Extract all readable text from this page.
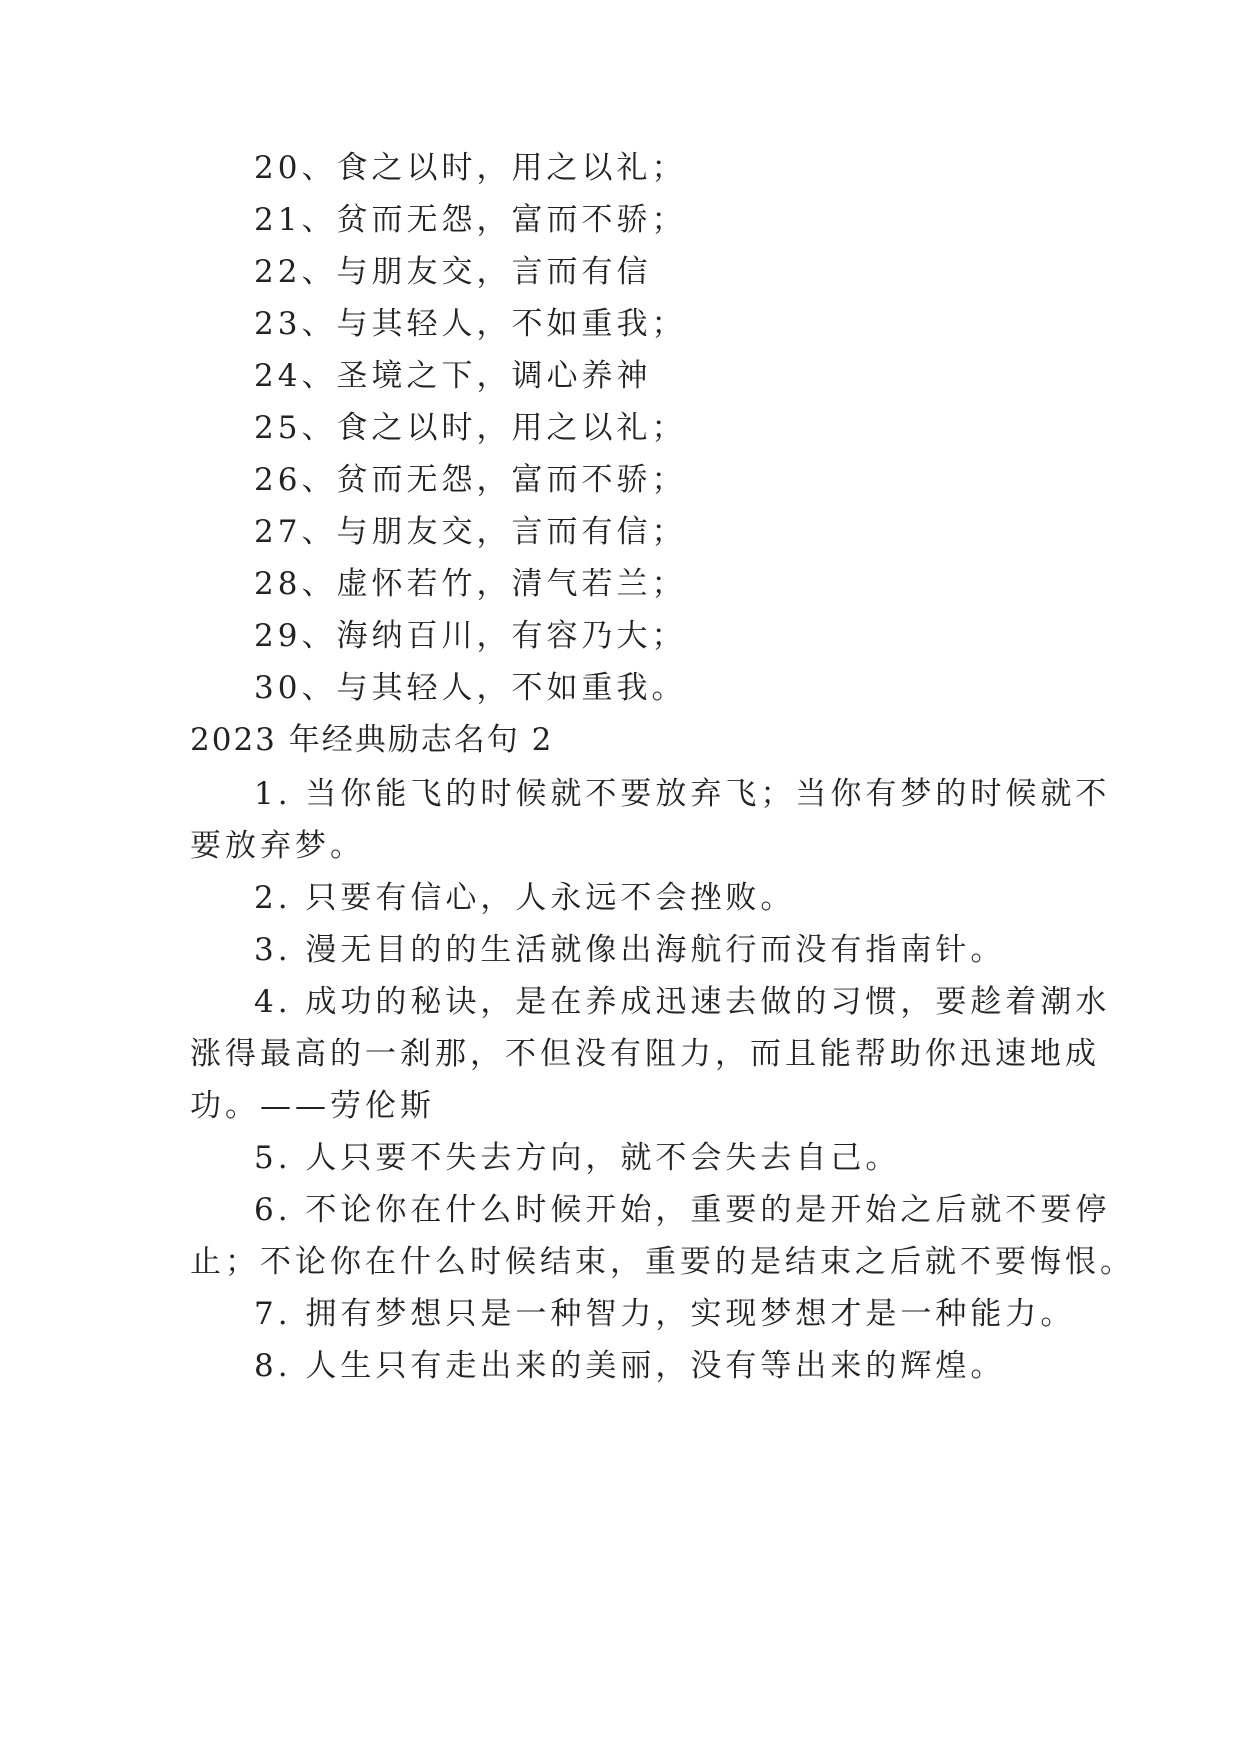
20、食之以时，用之以礼；
21、贫而无怨，富而不骄；
22、与朋友交，言而有信
23、与其轻人，不如重我；
24、圣境之下，调心养神
25、食之以时，用之以礼；
26、贫而无怨，富而不骄；
27、与朋友交，言而有信；
28、虚怀若竹，清气若兰；
29、海纳百川，有容乃大；
30、与其轻人，不如重我。
2023 年经典励志名句 2
1. 当你能飞的时候就不要放弃飞；当你有梦的时候就不
要放弃梦。
2. 只要有信心，人永远不会挫败。
3. 漫无目的的生活就像出海航行而没有指南针。
4. 成功的秘诀，是在养成迅速去做的习惯，要趁着潮水
涨得最高的一刹那，不但没有阻力，而且能帮助你迅速地成
功。——劳伦斯
5. 人只要不失去方向，就不会失去自己。
6. 不论你在什么时候开始，重要的是开始之后就不要停
止；不论你在什么时候结束，重要的是结束之后就不要悔恨。
7. 拥有梦想只是一种智力，实现梦想才是一种能力。
8. 人生只有走出来的美丽，没有等出来的辉煌。
